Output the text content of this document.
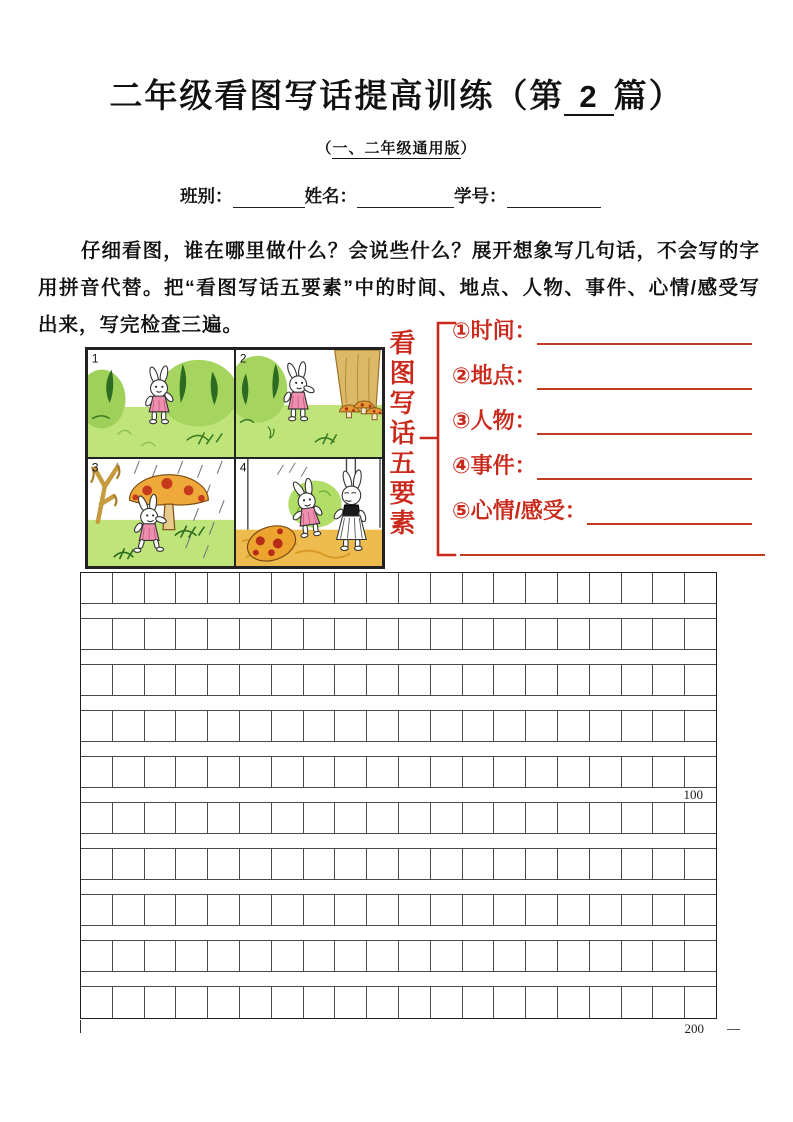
二年级看图写话提高训练（第 2 篇）
（一、二年级通用版）
班别：	姓名：	学号：

仔细看图，谁在哪里做什么？会说些什么？展开想象写几句话，不会写的字用拼音代替。把“看图写话五要素”中的时间、地点、人物、事件、心情/感受写出来，写完检查三遍。

1	2
3	4	看图写话五要素 ①时间：
②地点：
③人物：
④事件：
⑤心情/感受：
100
200
